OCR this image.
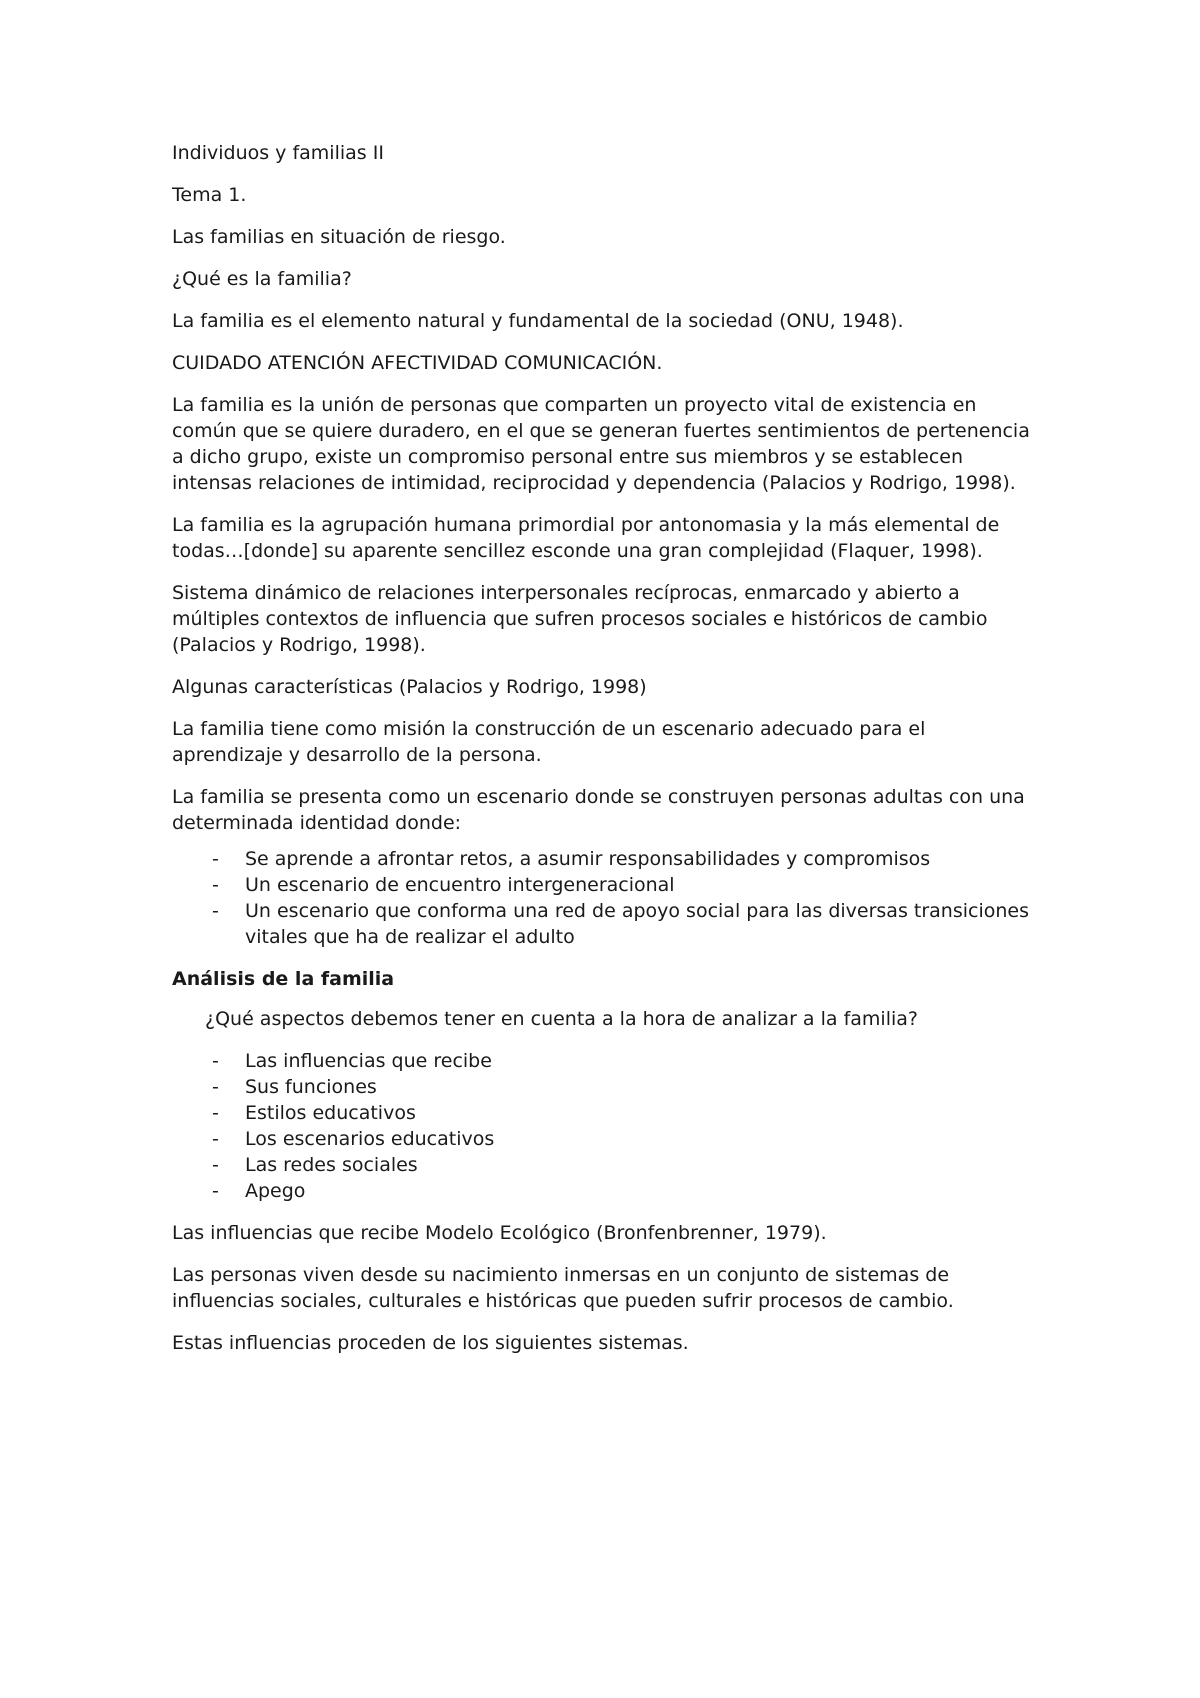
Individuos y familias II

Tema 1.

Las familias en situación de riesgo.

¿Qué es la familia?

La familia es el elemento natural y fundamental de la sociedad (ONU, 1948).

CUIDADO ATENCIÓN AFECTIVIDAD COMUNICACIÓN.

La familia es la unión de personas que comparten un proyecto vital de existencia en común que se quiere duradero, en el que se generan fuertes sentimientos de pertenencia a dicho grupo, existe un compromiso personal entre sus miembros y se establecen intensas relaciones de intimidad, reciprocidad y dependencia (Palacios y Rodrigo, 1998).

La familia es la agrupación humana primordial por antonomasia y la más elemental de todas…[donde] su aparente sencillez esconde una gran complejidad (Flaquer, 1998).

Sistema dinámico de relaciones interpersonales recíprocas, enmarcado y abierto a múltiples contextos de influencia que sufren procesos sociales e históricos de cambio (Palacios y Rodrigo, 1998).

Algunas características (Palacios y Rodrigo, 1998)

La familia tiene como misión la construcción de un escenario adecuado para el aprendizaje y desarrollo de la persona.

La familia se presenta como un escenario donde se construyen personas adultas con una determinada identidad donde:

- Se aprende a afrontar retos, a asumir responsabilidades y compromisos
- Un escenario de encuentro intergeneracional
- Un escenario que conforma una red de apoyo social para las diversas transiciones vitales que ha de realizar el adulto

Análisis de la familia

¿Qué aspectos debemos tener en cuenta a la hora de analizar a la familia?

- Las influencias que recibe
- Sus funciones
- Estilos educativos
- Los escenarios educativos
- Las redes sociales
- Apego

Las influencias que recibe Modelo Ecológico (Bronfenbrenner, 1979).

Las personas viven desde su nacimiento inmersas en un conjunto de sistemas de influencias sociales, culturales e históricas que pueden sufrir procesos de cambio.

Estas influencias proceden de los siguientes sistemas.
